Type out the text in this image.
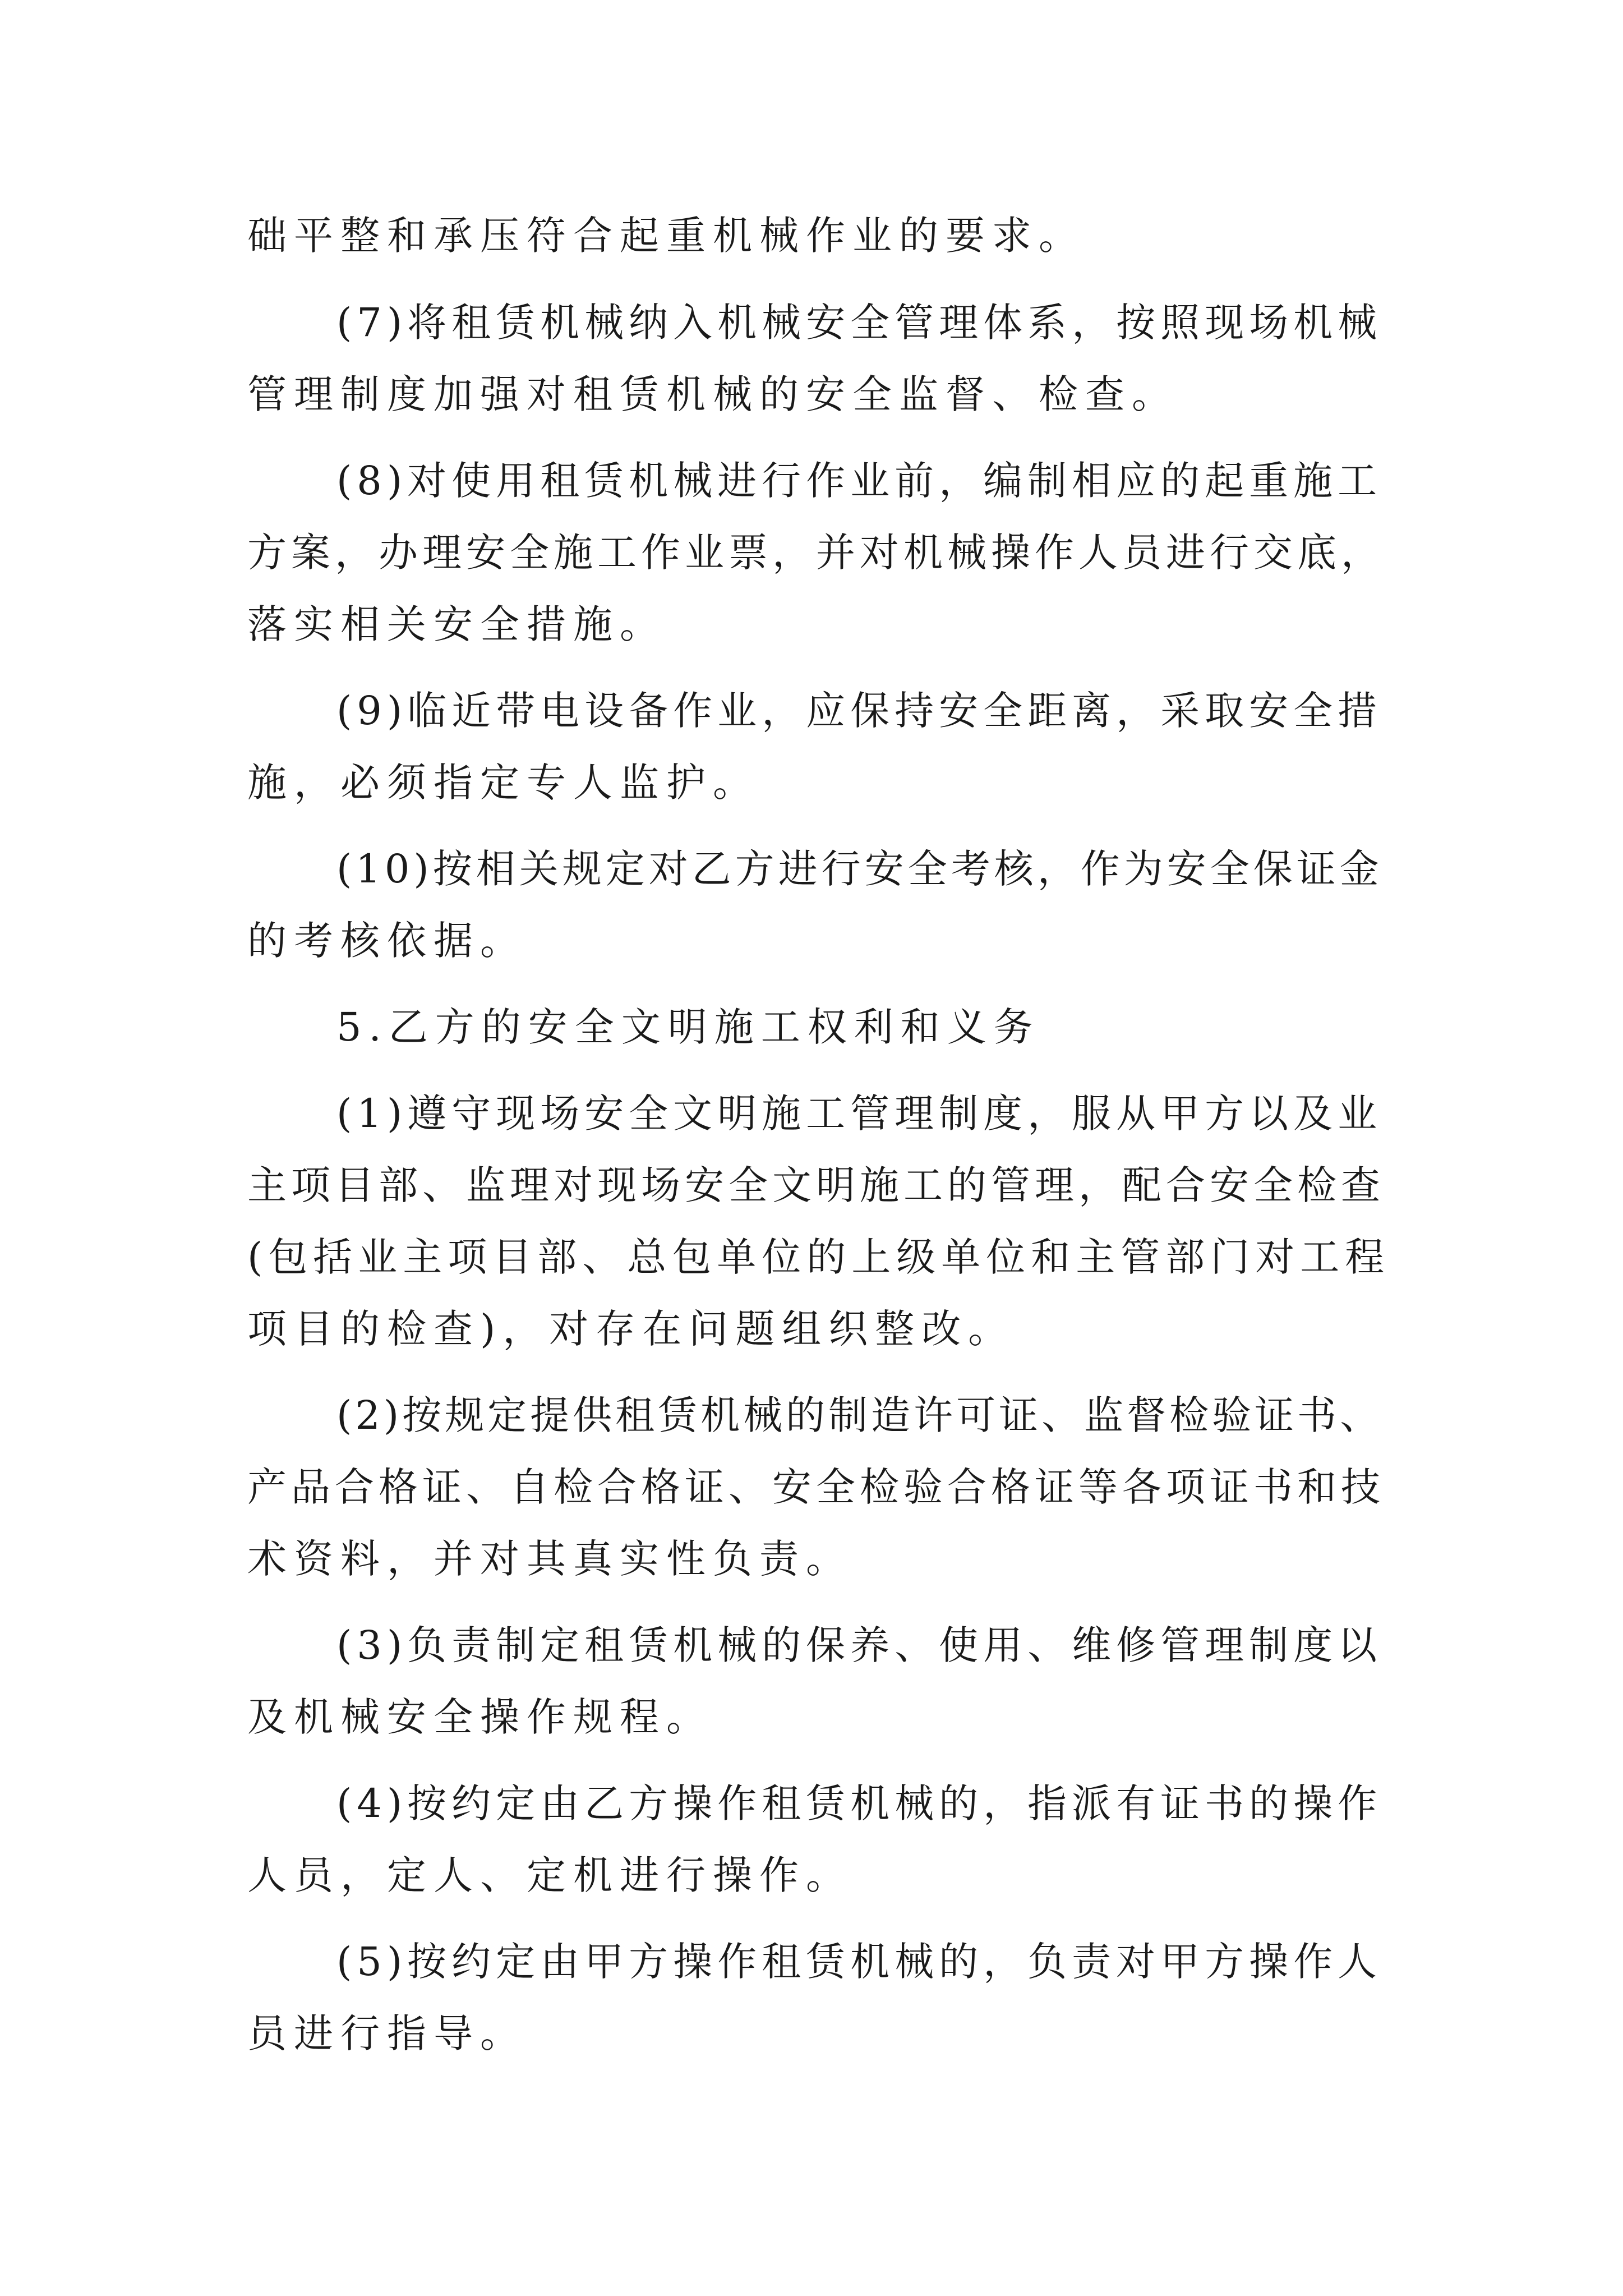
础平整和承压符合起重机械作业的要求。
(7)将租赁机械纳入机械安全管理体系，按照现场机械
管理制度加强对租赁机械的安全监督、检查。
(8)对使用租赁机械进行作业前，编制相应的起重施工
方案，办理安全施工作业票，并对机械操作人员进行交底，
落实相关安全措施。
(9)临近带电设备作业，应保持安全距离，采取安全措
施，必须指定专人监护。
(10)按相关规定对乙方进行安全考核，作为安全保证金
的考核依据。
5.乙方的安全文明施工权利和义务
(1)遵守现场安全文明施工管理制度，服从甲方以及业
主项目部、监理对现场安全文明施工的管理，配合安全检查
(包括业主项目部、总包单位的上级单位和主管部门对工程
项目的检查)，对存在问题组织整改。
(2)按规定提供租赁机械的制造许可证、监督检验证书、
产品合格证、自检合格证、安全检验合格证等各项证书和技
术资料，并对其真实性负责。
(3)负责制定租赁机械的保养、使用、维修管理制度以
及机械安全操作规程。
(4)按约定由乙方操作租赁机械的，指派有证书的操作
人员，定人、定机进行操作。
(5)按约定由甲方操作租赁机械的，负责对甲方操作人
员进行指导。
